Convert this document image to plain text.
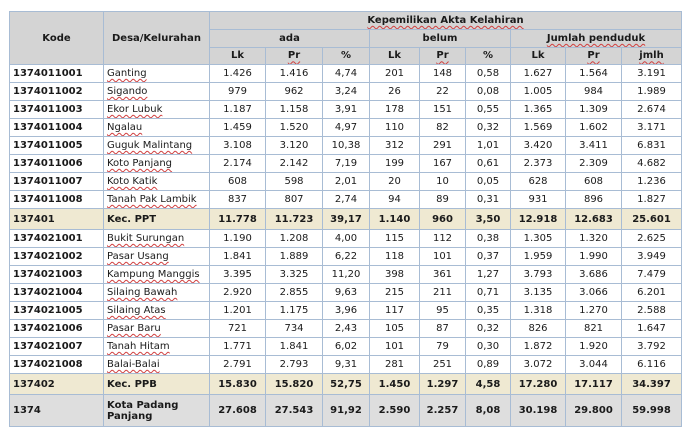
Kode	Desa/Kelurahan	Kepemilikan Akta Kelahiran								
		ada			belum			Jumlah penduduk		
		Lk	Pr	%	Lk	Pr	%	Lk	Pr	jmlh
1374011001	Ganting	1.426	1.416	4,74	201	148	0,58	1.627	1.564	3.191
1374011002	Sigando	979	962	3,24	26	22	0,08	1.005	984	1.989
1374011003	Ekor Lubuk	1.187	1.158	3,91	178	151	0,55	1.365	1.309	2.674
1374011004	Ngalau	1.459	1.520	4,97	110	82	0,32	1.569	1.602	3.171
1374011005	Guguk Malintang	3.108	3.120	10,38	312	291	1,01	3.420	3.411	6.831
1374011006	Koto Panjang	2.174	2.142	7,19	199	167	0,61	2.373	2.309	4.682
1374011007	Koto Katik	608	598	2,01	20	10	0,05	628	608	1.236
1374011008	Tanah Pak Lambik	837	807	2,74	94	89	0,31	931	896	1.827
137401	Kec. PPT	11.778	11.723	39,17	1.140	960	3,50	12.918	12.683	25.601
1374021001	Bukit Surungan	1.190	1.208	4,00	115	112	0,38	1.305	1.320	2.625
1374021002	Pasar Usang	1.841	1.889	6,22	118	101	0,37	1.959	1.990	3.949
1374021003	Kampung Manggis	3.395	3.325	11,20	398	361	1,27	3.793	3.686	7.479
1374021004	Silaing Bawah	2.920	2.855	9,63	215	211	0,71	3.135	3.066	6.201
1374021005	Silaing Atas	1.201	1.175	3,96	117	95	0,35	1.318	1.270	2.588
1374021006	Pasar Baru	721	734	2,43	105	87	0,32	826	821	1.647
1374021007	Tanah Hitam	1.771	1.841	6,02	101	79	0,30	1.872	1.920	3.792
1374021008	Balai-Balai	2.791	2.793	9,31	281	251	0,89	3.072	3.044	6.116
137402	Kec. PPB	15.830	15.820	52,75	1.450	1.297	4,58	17.280	17.117	34.397
1374	Kota Padang Panjang	27.608	27.543	91,92	2.590	2.257	8,08	30.198	29.800	59.998
